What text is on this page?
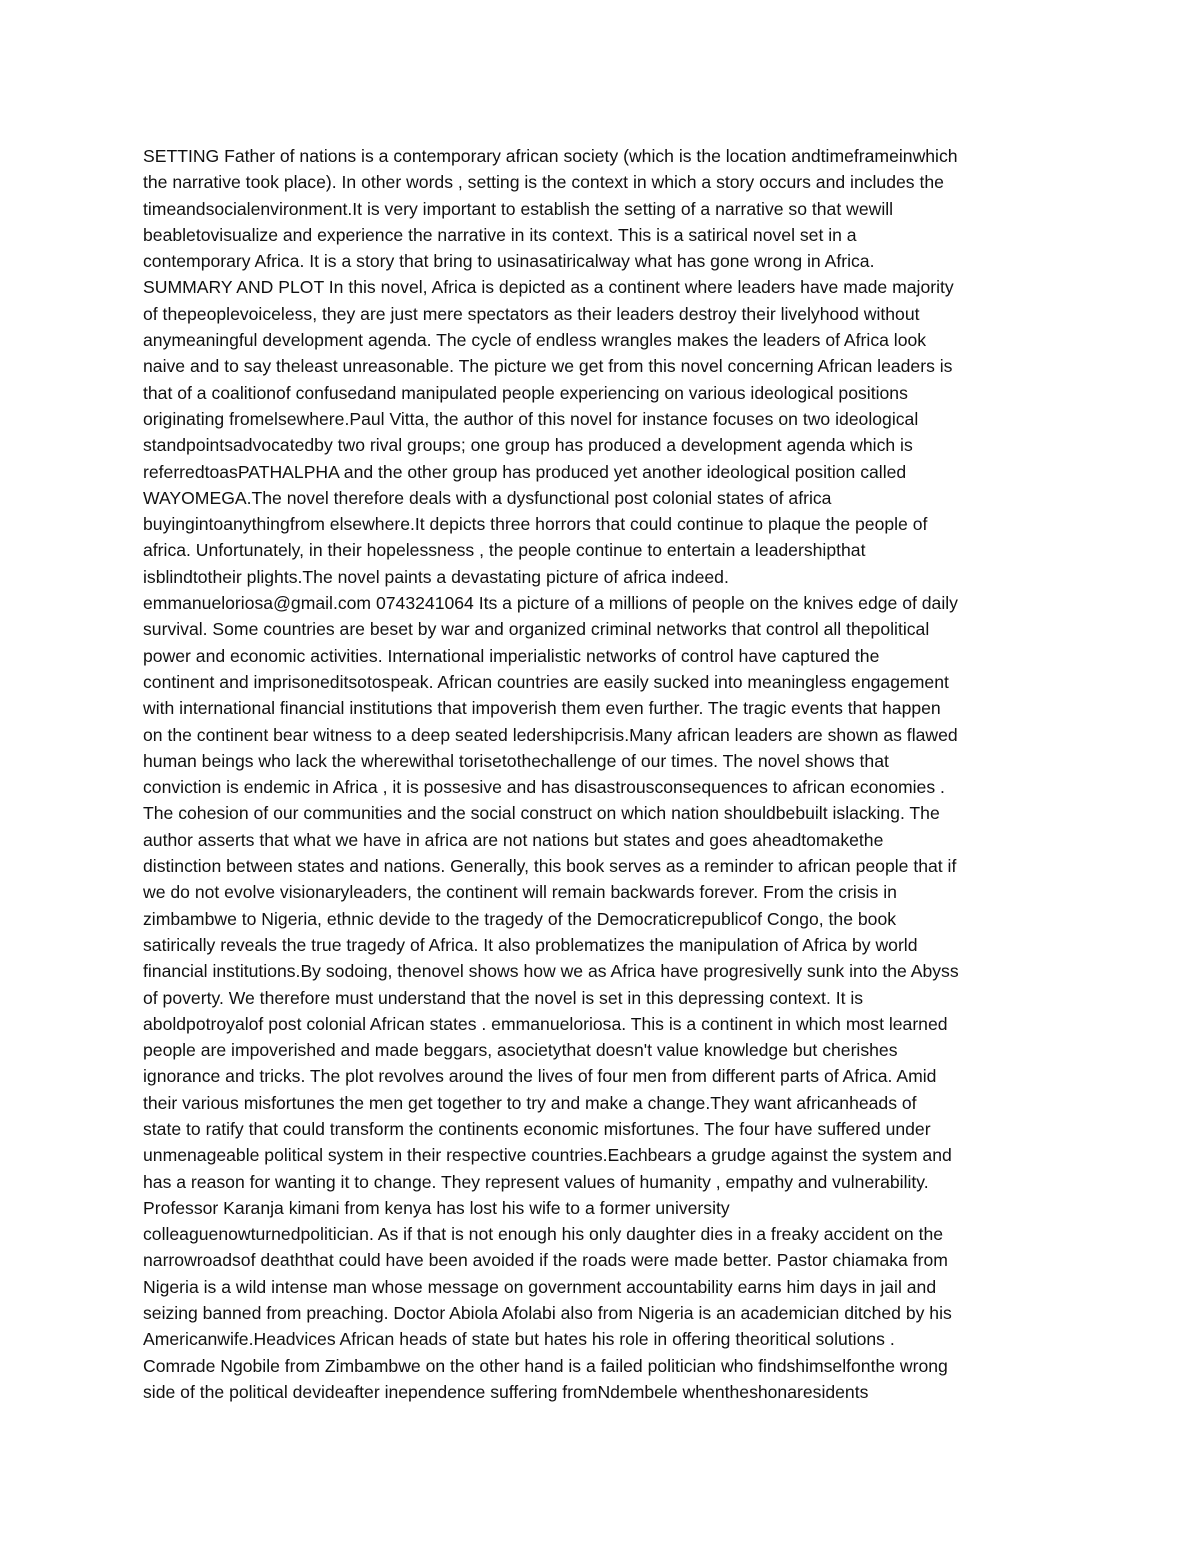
SETTING Father of nations is a contemporary african society (which is the location andtimeframeinwhich
the narrative took place). In other words , setting is the context in which a story occurs and includes the
timeandsocialenvironment.It is very important to establish the setting of a narrative so that wewill
beabletovisualize and experience the narrative in its context. This is a satirical novel set in a
contemporary Africa. It is a story that bring to usinasatiricalway what has gone wrong in Africa.
SUMMARY AND PLOT In this novel, Africa is depicted as a continent where leaders have made majority
of thepeoplevoiceless, they are just mere spectators as their leaders destroy their livelyhood without
anymeaningful development agenda. The cycle of endless wrangles makes the leaders of Africa look
naive and to say theleast unreasonable. The picture we get from this novel concerning African leaders is
that of a coalitionof confusedand manipulated people experiencing on various ideological positions
originating fromelsewhere.Paul Vitta, the author of this novel for instance focuses on two ideological
standpointsadvocatedby two rival groups; one group has produced a development agenda which is
referredtoasPATHALPHA and the other group has produced yet another ideological position called
WAYOMEGA.The novel therefore deals with a dysfunctional post colonial states of africa
buyingintoanythingfrom elsewhere.It depicts three horrors that could continue to plaque the people of
africa. Unfortunately, in their hopelessness , the people continue to entertain a leadershipthat
isblindtotheir plights.The novel paints a devastating picture of africa indeed.
emmanueloriosa@gmail.com 0743241064 Its a picture of a millions of people on the knives edge of daily
survival. Some countries are beset by war and organized criminal networks that control all thepolitical
power and economic activities. International imperialistic networks of control have captured the
continent and imprisoneditsotospeak. African countries are easily sucked into meaningless engagement
with international financial institutions that impoverish them even further. The tragic events that happen
on the continent bear witness to a deep seated ledershipcrisis.Many african leaders are shown as flawed
human beings who lack the wherewithal torisetothechallenge of our times. The novel shows that
conviction is endemic in Africa , it is possesive and has disastrousconsequences to african economies .
The cohesion of our communities and the social construct on which nation shouldbebuilt islacking. The
author asserts that what we have in africa are not nations but states and goes aheadtomakethe
distinction between states and nations. Generally, this book serves as a reminder to african people that if
we do not evolve visionaryleaders, the continent will remain backwards forever. From the crisis in
zimbambwe to Nigeria, ethnic devide to the tragedy of the Democraticrepublicof Congo, the book
satirically reveals the true tragedy of Africa. It also problematizes the manipulation of Africa by world
financial institutions.By sodoing, thenovel shows how we as Africa have progresivelly sunk into the Abyss
of poverty. We therefore must understand that the novel is set in this depressing context. It is
aboldpotroyalof post colonial African states . emmanueloriosa. This is a continent in which most learned
people are impoverished and made beggars, asocietythat doesn't value knowledge but cherishes
ignorance and tricks. The plot revolves around the lives of four men from different parts of Africa. Amid
their various misfortunes the men get together to try and make a change.They want africanheads of
state to ratify that could transform the continents economic misfortunes. The four have suffered under
unmenageable political system in their respective countries.Eachbears a grudge against the system and
has a reason for wanting it to change. They represent values of humanity , empathy and vulnerability.
Professor Karanja kimani from kenya has lost his wife to a former university
colleaguenowturnedpolitician. As if that is not enough his only daughter dies in a freaky accident on the
narrowroadsof deaththat could have been avoided if the roads were made better. Pastor chiamaka from
Nigeria is a wild intense man whose message on government accountability earns him days in jail and
seizing banned from preaching. Doctor Abiola Afolabi also from Nigeria is an academician ditched by his
Americanwife.Headvices African heads of state but hates his role in offering theoritical solutions .
Comrade Ngobile from Zimbambwe on the other hand is a failed politician who findshimselfonthe wrong
side of the political devideafter inependence suffering fromNdembele whentheshonaresidents
